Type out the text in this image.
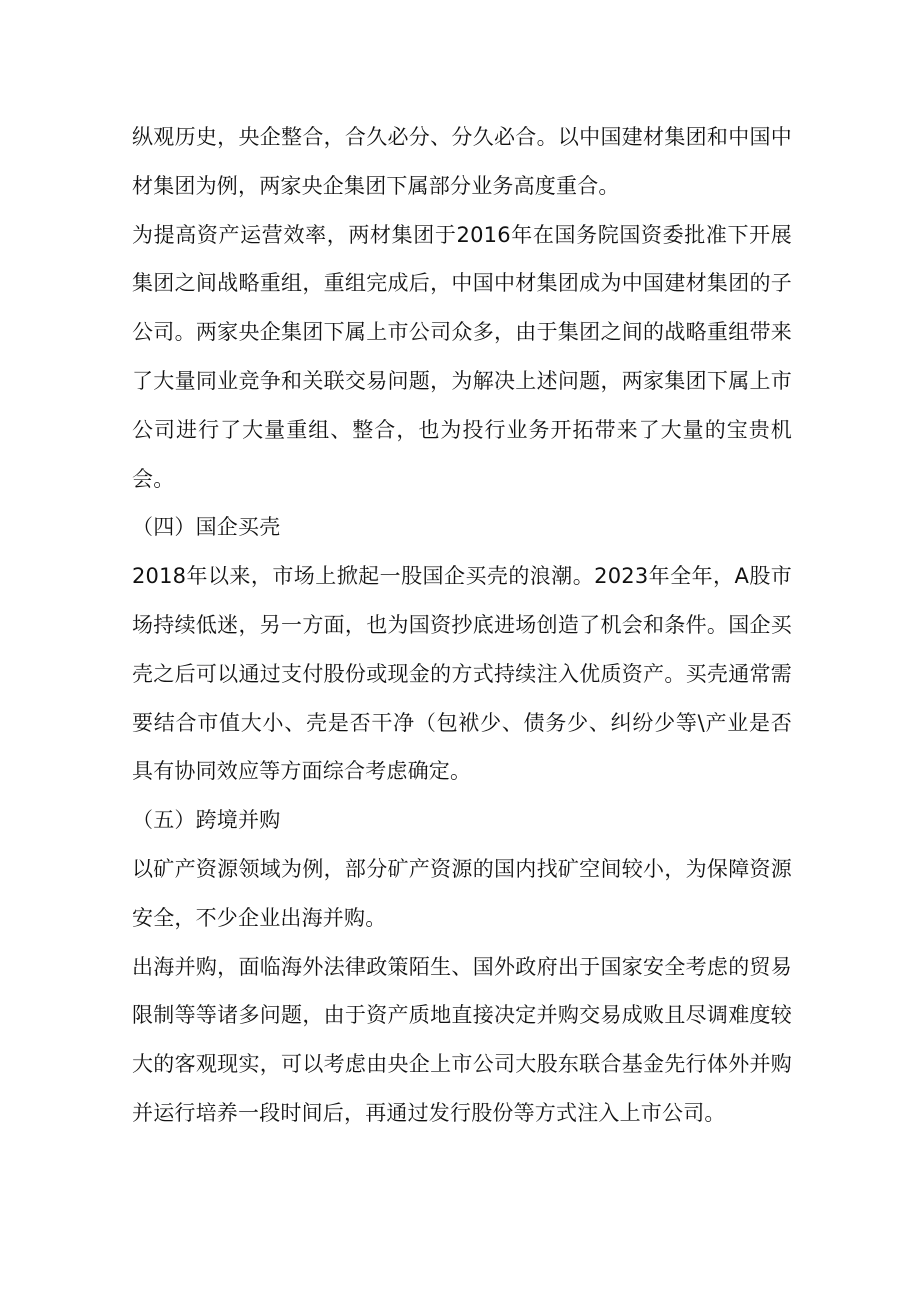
纵观历史，央企整合，合久必分、分久必合。以中国建材集团和中国中材集团为例，两家央企集团下属部分业务高度重合。

为提高资产运营效率，两材集团于2016年在国务院国资委批准下开展集团之间战略重组，重组完成后，中国中材集团成为中国建材集团的子公司。两家央企集团下属上市公司众多，由于集团之间的战略重组带来了大量同业竞争和关联交易问题，为解决上述问题，两家集团下属上市公司进行了大量重组、整合，也为投行业务开拓带来了大量的宝贵机会。

（四）国企买壳

2018年以来，市场上掀起一股国企买壳的浪潮。2023年全年，A股市场持续低迷，另一方面，也为国资抄底进场创造了机会和条件。国企买壳之后可以通过支付股份或现金的方式持续注入优质资产。买壳通常需要结合市值大小、壳是否干净（包袱少、债务少、纠纷少等\产业是否具有协同效应等方面综合考虑确定。

（五）跨境并购

以矿产资源领域为例，部分矿产资源的国内找矿空间较小，为保障资源安全，不少企业出海并购。

出海并购，面临海外法律政策陌生、国外政府出于国家安全考虑的贸易限制等等诸多问题，由于资产质地直接决定并购交易成败且尽调难度较大的客观现实，可以考虑由央企上市公司大股东联合基金先行体外并购并运行培养一段时间后，再通过发行股份等方式注入上市公司。
